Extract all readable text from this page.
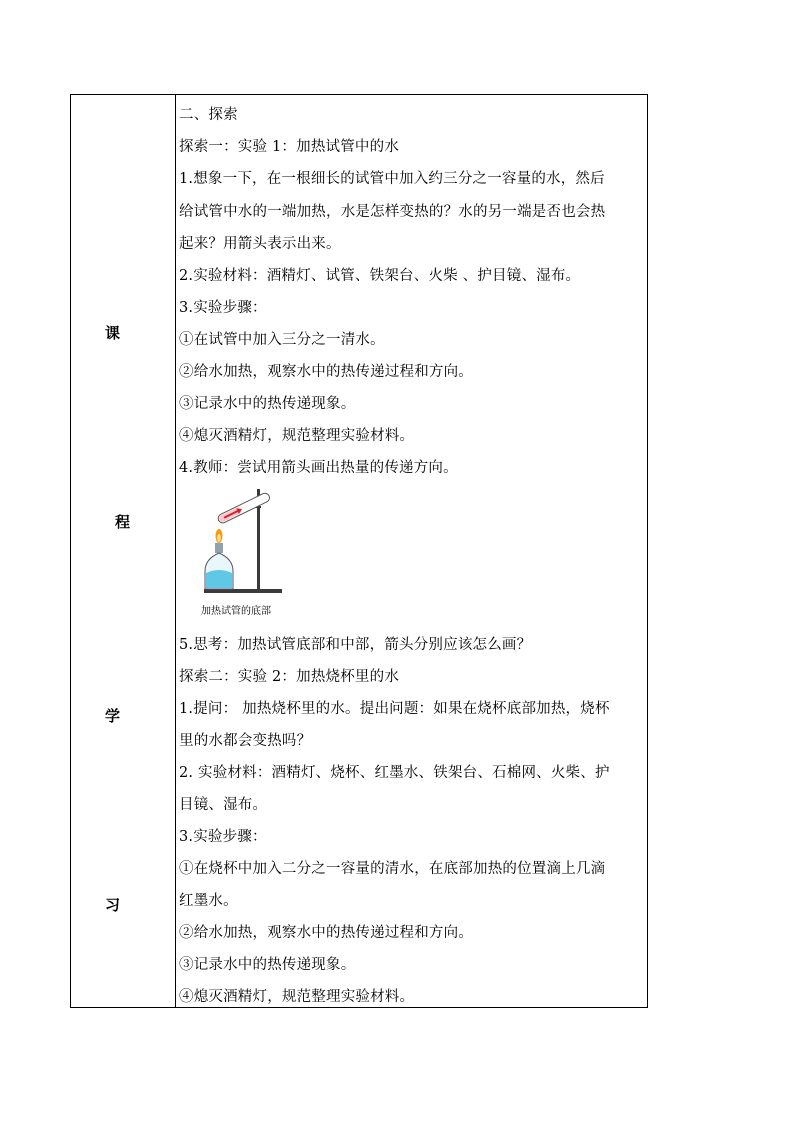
课
程
学
习
二、探索
探索一：实验 1：加热试管中的水
1.想象一下，在一根细长的试管中加入约三分之一容量的水，然后
给试管中水的一端加热，水是怎样变热的？水的另一端是否也会热
起来？用箭头表示出来。
2.实验材料：酒精灯、试管、铁架台、火柴 、护目镜、湿布。
3.实验步骤：
①在试管中加入三分之一清水。
②给水加热，观察水中的热传递过程和方向。
③记录水中的热传递现象。
④熄灭酒精灯，规范整理实验材料。
4.教师：尝试用箭头画出热量的传递方向。
加热试管的底部
5.思考：加热试管底部和中部，箭头分别应该怎么画？
探索二：实验 2：加热烧杯里的水
1.提问： 加热烧杯里的水。提出问题：如果在烧杯底部加热，烧杯
里的水都会变热吗？
2. 实验材料：酒精灯、烧杯、红墨水、铁架台、石棉网、火柴、护
目镜、湿布。
3.实验步骤：
①在烧杯中加入二分之一容量的清水，在底部加热的位置滴上几滴
红墨水。
②给水加热，观察水中的热传递过程和方向。
③记录水中的热传递现象。
④熄灭酒精灯，规范整理实验材料。
